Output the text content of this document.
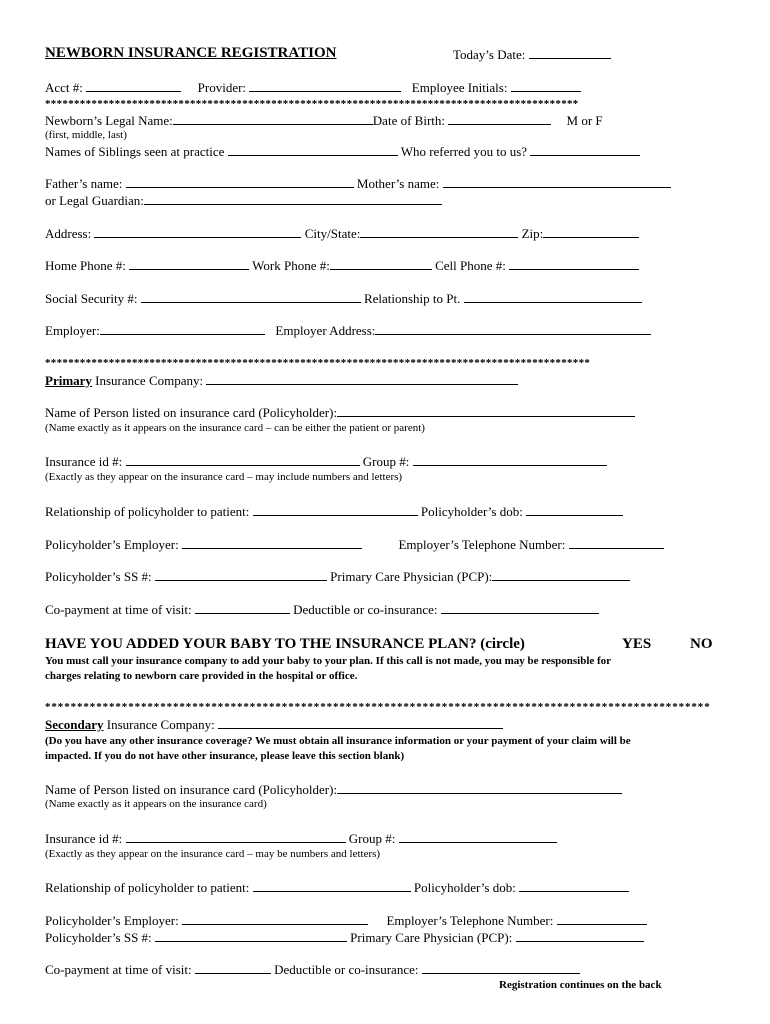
NEWBORN INSURANCE REGISTRATION	Today’s Date:
Acct #:	Provider:	Employee Initials:
********************************************************************************************
Newborn’s Legal Name:	Date of Birth:	M or F
(first, middle, last)
Names of Siblings seen at practice	Who referred you to us?
Father’s name:	Mother’s name:
or Legal Guardian:
Address:	City/State:	Zip:
Home Phone #:	Work Phone #:	Cell Phone #:
Social Security #:	Relationship to Pt.
Employer:	Employer Address:
**********************************************************************************************
Primary Insurance Company:
Name of Person listed on insurance card (Policyholder):
(Name exactly as it appears on the insurance card – can be either the patient or parent)
Insurance id #:	Group #:
(Exactly as they appear on the insurance card – may include numbers and letters)
Relationship of policyholder to patient:	Policyholder’s dob:
Policyholder’s Employer:	Employer’s Telephone Number:
Policyholder’s SS #:	Primary Care Physician (PCP):
Co-payment at time of visit:	Deductible or co-insurance:
HAVE YOU ADDED YOUR BABY TO THE INSURANCE PLAN? (circle)	YES	NO
You must call your insurance company to add your baby to your plan. If this call is not made, you may be responsible for
charges relating to newborn care provided in the hospital or office.
********************************************************************************************************
Secondary Insurance Company:
(Do you have any other insurance coverage? We must obtain all insurance information or your payment of your claim will be
impacted. If you do not have other insurance, please leave this section blank)
Name of Person listed on insurance card (Policyholder):
(Name exactly as it appears on the insurance card)
Insurance id #:	Group #:
(Exactly as they appear on the insurance card – may be numbers and letters)
Relationship of policyholder to patient:	Policyholder’s dob:
Policyholder’s Employer:	Employer’s Telephone Number:
Policyholder’s SS #:	Primary Care Physician (PCP):
Co-payment at time of visit:	Deductible or co-insurance:
Registration continues on the back
